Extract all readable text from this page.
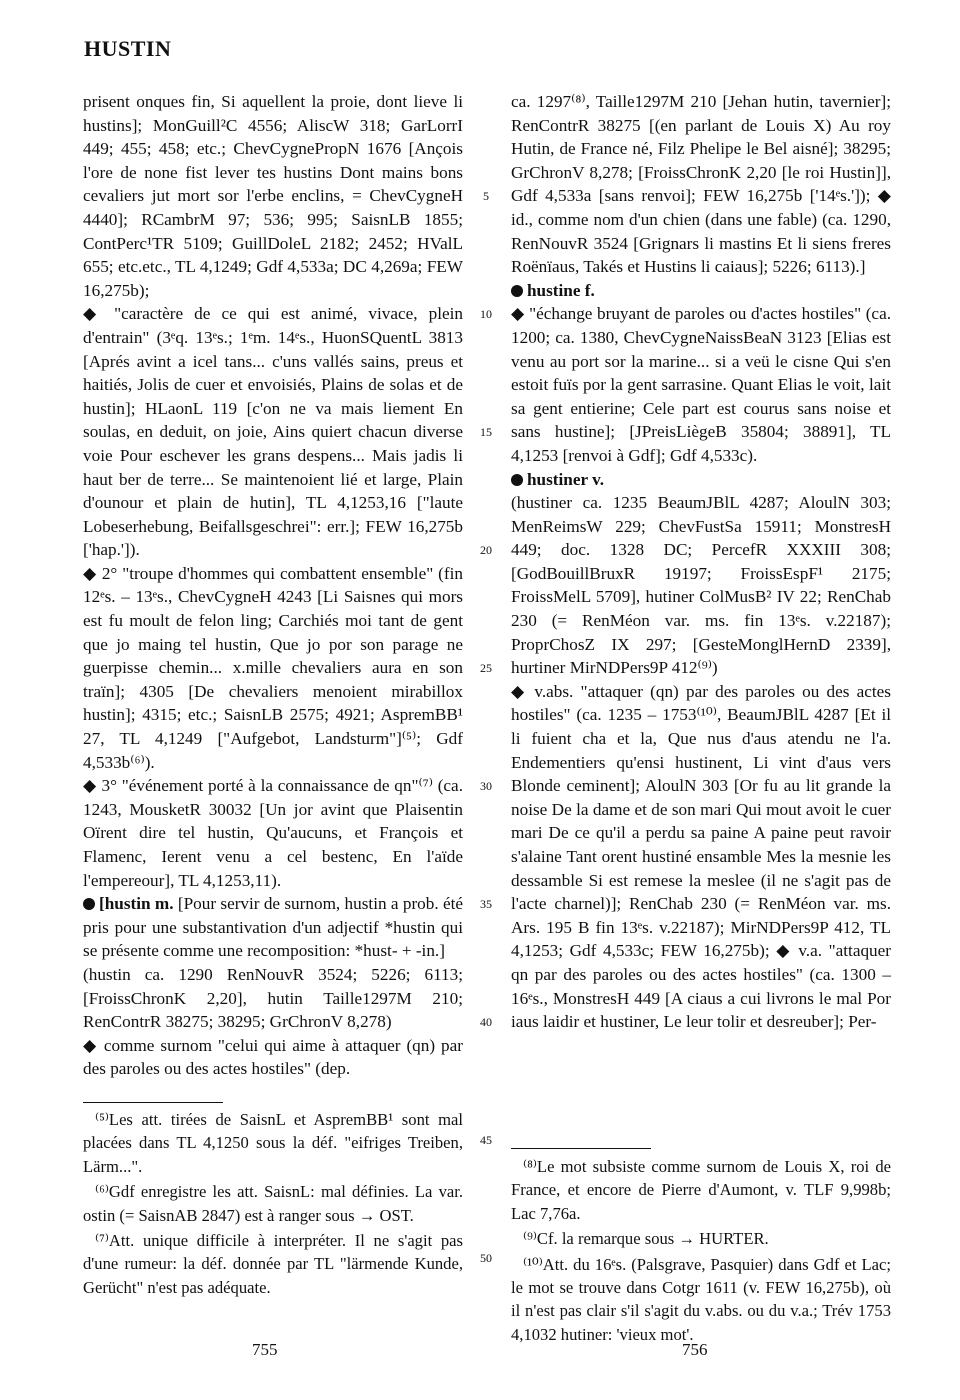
HUSTIN

prisent onques fin, Si aquellent la proie, dont lieve li hustins]; MonGuill²C 4556; AliscW 318; GarLorrI 449; 455; 458; etc.; ChevCygnePropN 1676 [Ançois l'ore de none fist lever tes hustins Dont mains bons cevaliers jut mort sor l'erbe enclins, = ChevCygneH 4440]; RCambrM 97; 536; 995; SaisnLB 1855; ContPerc¹TR 5109; GuillDoleL 2182; 2452; HValL 655; etc.etc., TL 4,1249; Gdf 4,533a; DC 4,269a; FEW 16,275b);

◆ "caractère de ce qui est animé, vivace, plein d'entrain" (3ᵉq. 13ᵉs.; 1ᵉm. 14ᵉs., HuonSQuentL 3813 [Aprés avint a icel tans... c'uns vallés sains, preus et haitiés, Jolis de cuer et envoisiés, Plains de solas et de hustin]; HLaonL 119 [c'on ne va mais liement En soulas, en deduit, on joie, Ains quiert chacun diverse voie Pour eschever les grans despens... Mais jadis li haut ber de terre... Se maintenoient lié et large, Plain d'ounour et plain de hutin], TL 4,1253,16 ["laute Lobeserhebung, Beifallsgeschrei": err.]; FEW 16,275b ['hap.']).

◆ 2° "troupe d'hommes qui combattent ensemble" (fin 12ᵉs. – 13ᵉs., ChevCygneH 4243 [Li Saisnes qui mors est fu moult de felon ling; Carchiés moi tant de gent que jo maing tel hustin, Que jo por son parage ne guerpisse chemin... x.mille chevaliers aura en son traïn]; 4305 [De chevaliers menoient mirabillox hustin]; 4315; etc.; SaisnLB 2575; 4921; AspremBB¹ 27, TL 4,1249 ["Aufgebot, Landsturm"]⁽⁵⁾; Gdf 4,533b⁽⁶⁾).

◆ 3° "événement porté à la connaissance de qn"⁽⁷⁾ (ca. 1243, MousketR 30032 [Un jor avint que Plaisentin Oïrent dire tel hustin, Qu'aucuns, et François et Flamenc, Ierent venu a cel bestenc, En l'aïde l'empereour], TL 4,1253,11).

[hustin m. [Pour servir de surnom, hustin a prob. été pris pour une substantivation d'un adjectif *hustin qui se présente comme une recomposition: *hust- + -in.]

(hustin ca. 1290 RenNouvR 3524; 5226; 6113; [FroissChronK 2,20], hutin Taille1297M 210; RenContrR 38275; 38295; GrChronV 8,278)

◆ comme surnom "celui qui aime à attaquer (qn) par des paroles ou des actes hostiles" (dep.

ca. 1297⁽⁸⁾, Taille1297M 210 [Jehan hutin, tavernier]; RenContrR 38275 [(en parlant de Louis X) Au roy Hutin, de France né, Filz Phelipe le Bel aisné]; 38295; GrChronV 8,278; [FroissChronK 2,20 [le roi Hustin]], Gdf 4,533a [sans renvoi]; FEW 16,275b ['14ᵉs.']); ◆ id., comme nom d'un chien (dans une fable) (ca. 1290, RenNouvR 3524 [Grignars li mastins Et li siens freres Roënïaus, Takés et Hustins li caiaus]; 5226; 6113).]

hustine f.

◆ "échange bruyant de paroles ou d'actes hostiles" (ca. 1200; ca. 1380, ChevCygneNaissBeaN 3123 [Elias est venu au port sor la marine... si a veü le cisne Qui s'en estoit fuïs por la gent sarrasine. Quant Elias le voit, lait sa gent entierine; Cele part est courus sans noise et sans hustine]; [JPreisLiègeB 35804; 38891], TL 4,1253 [renvoi à Gdf]; Gdf 4,533c).

hustiner v.

(hustiner ca. 1235 BeaumJBlL 4287; AloulN 303; MenReimsW 229; ChevFustSa 15911; MonstresH 449; doc. 1328 DC; PercefR XXXIII 308; [GodBouillBruxR 19197; FroissEspF¹ 2175; FroissMelL 5709], hutiner ColMusB² IV 22; RenChab 230 (= RenMéon var. ms. fin 13ᵉs. v.22187); ProprChosZ IX 297; [GesteMonglHernD 2339], hurtiner MirNDPers9P 412⁽⁹⁾)

◆ v.abs. "attaquer (qn) par des paroles ou des actes hostiles" (ca. 1235 – 1753⁽¹⁰⁾, BeaumJBlL 4287 [Et il li fuient cha et la, Que nus d'aus atendu ne l'a. Endementiers qu'ensi hustinent, Li vint d'aus vers Blonde ceminent]; AloulN 303 [Or fu au lit grande la noise De la dame et de son mari Qui mout avoit le cuer mari De ce qu'il a perdu sa paine A paine peut ravoir s'alaine Tant orent hustiné ensamble Mes la mesnie les dessamble Si est remese la meslee (il ne s'agit pas de l'acte charnel)]; RenChab 230 (= RenMéon var. ms. Ars. 195 B fin 13ᵉs. v.22187); MirNDPers9P 412, TL 4,1253; Gdf 4,533c; FEW 16,275b); ◆ v.a. "attaquer qn par des paroles ou des actes hostiles" (ca. 1300 – 16ᵉs., MonstresH 449 [A ciaus a cui livrons le mal Por iaus laidir et hustiner, Le leur tolir et desreuber]; Per-

5
10
15
20
25
30
35
40
45
50

⁽⁵⁾Les att. tirées de SaisnL et AspremBB¹ sont mal placées dans TL 4,1250 sous la déf. "eifriges Treiben, Lärm...".

⁽⁶⁾Gdf enregistre les att. SaisnL: mal définies. La var. ostin (= SaisnAB 2847) est à ranger sous → OST.

⁽⁷⁾Att. unique difficile à interpréter. Il ne s'agit pas d'une rumeur: la déf. donnée par TL "lärmende Kunde, Gerücht" n'est pas adéquate.

⁽⁸⁾Le mot subsiste comme surnom de Louis X, roi de France, et encore de Pierre d'Aumont, v. TLF 9,998b; Lac 7,76a.

⁽⁹⁾Cf. la remarque sous → HURTER.

⁽¹⁰⁾Att. du 16ᵉs. (Palsgrave, Pasquier) dans Gdf et Lac; le mot se trouve dans Cotgr 1611 (v. FEW 16,275b), où il n'est pas clair s'il s'agit du v.abs. ou du v.a.; Trév 1753 4,1032 hutiner: 'vieux mot'.

755	756
